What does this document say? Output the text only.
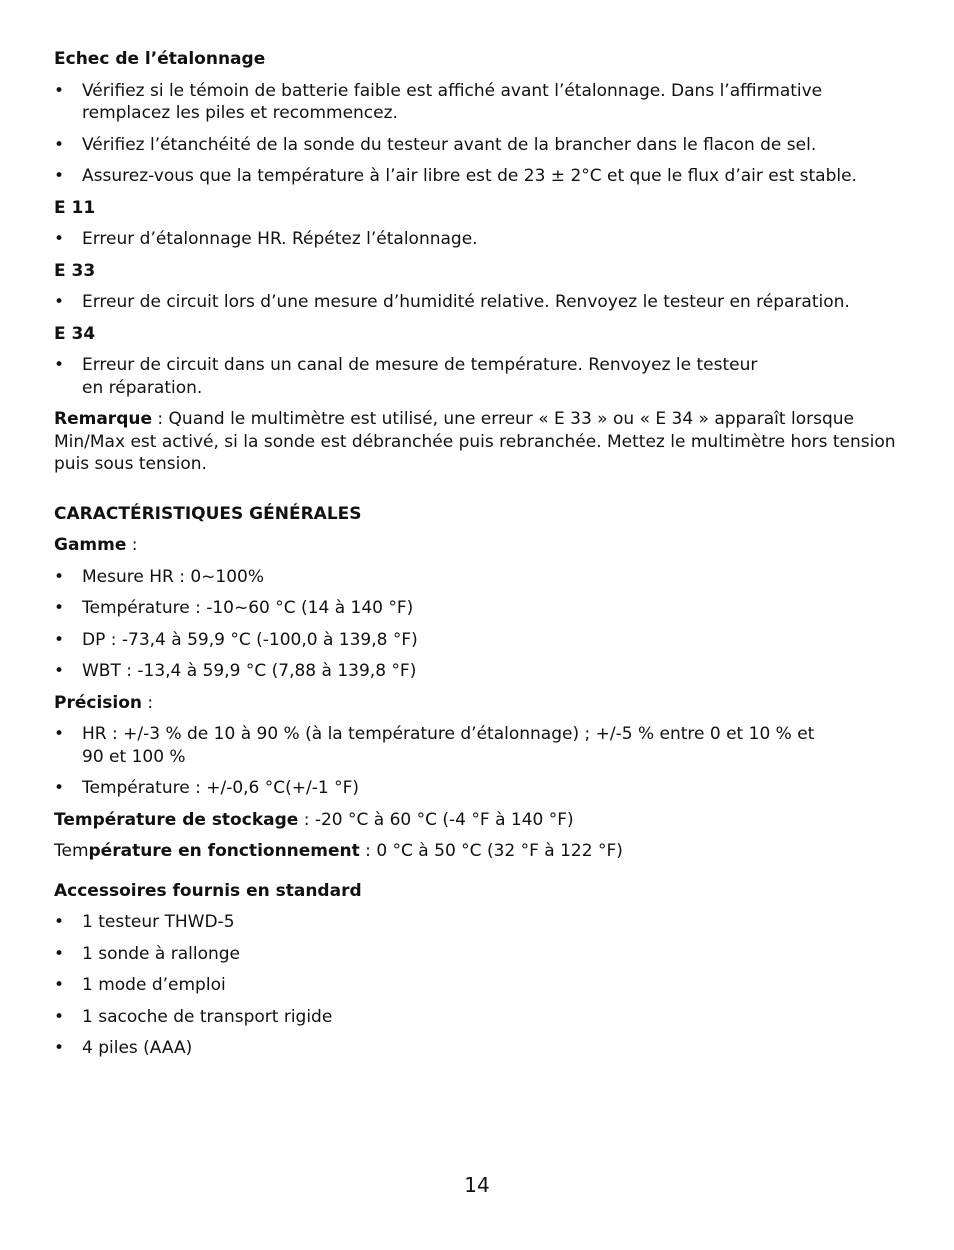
Echec de l’étalonnage

• Vérifiez si le témoin de batterie faible est affiché avant l’étalonnage. Dans l’affirmative remplacez les piles et recommencez.
• Vérifiez l’étanchéité de la sonde du testeur avant de la brancher dans le flacon de sel.
• Assurez-vous que la température à l’air libre est de 23 ± 2°C et que le flux d’air est stable.

E 11

• Erreur d’étalonnage HR. Répétez l’étalonnage.

E 33

• Erreur de circuit lors d’une mesure d’humidité relative. Renvoyez le testeur en réparation.

E 34

• Erreur de circuit dans un canal de mesure de température. Renvoyez le testeur
en réparation.

Remarque : Quand le multimètre est utilisé, une erreur « E 33 » ou « E 34 » apparaît lorsque Min/Max est activé, si la sonde est débranchée puis rebranchée. Mettez le multimètre hors tension puis sous tension.

CARACTÉRISTIQUES GÉNÉRALES

Gamme :

• Mesure HR : 0~100%
• Température : -10~60 °C (14 à 140 °F)
• DP : -73,4 à 59,9 °C (-100,0 à 139,8 °F)
• WBT : -13,4 à 59,9 °C (7,88 à 139,8 °F)

Précision :

• HR : +/-3 % de 10 à 90 % (à la température d’étalonnage) ; +/-5 % entre 0 et 10 % et
90 et 100 %
• Température : +/-0,6 °C(+/-1 °F)

Température de stockage : -20 °C à 60 °C (-4 °F à 140 °F)

Température en fonctionnement : 0 °C à 50 °C (32 °F à 122 °F)

Accessoires fournis en standard

• 1 testeur THWD-5
• 1 sonde à rallonge
• 1 mode d’emploi
• 1 sacoche de transport rigide
• 4 piles (AAA)
14
